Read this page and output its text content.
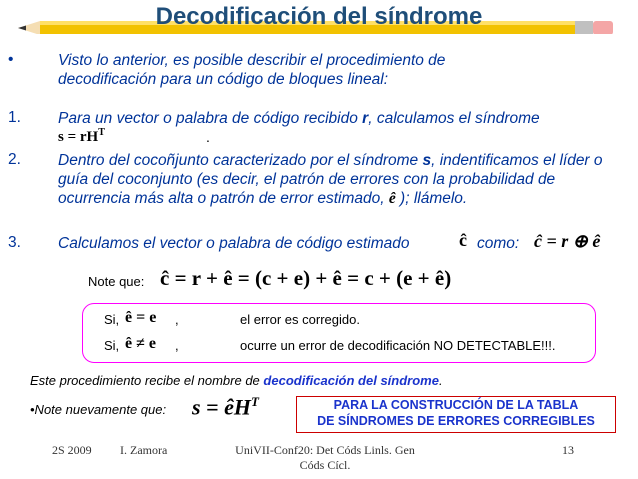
Decodificación del síndrome
•	Visto lo anterior, es posible describir el procedimiento de decodificación para un código de bloques lineal:
1. Para un vector o palabra de código recibido r, calculamos el síndrome
$s = rH^T$	.
2. Dentro del cocoñjunto caracterizado por el síndrome s, indentificamos el líder o guía del coconjunto (es decir, el patrón de errores con la probabilidad de ocurrencia más alta o patrón de error estimado, ê ); llámelo.
3. Calculamos el vector o palabra de código estimado	ĉ como: ĉ = r ⊕ ê
Note que: ĉ = r + ê = (c + e) + ê = c + (e + ê)
Si, ê = e ,	el error es corregido.
Si, ê ≠ e ,	ocurre un error de decodificación NO DETECTABLE!!!.
Este procedimiento recibe el nombre de decodificación del síndrome.
•Note nuevamente que: $s = êH^T$	PARA LA CONSTRUCCIÓN DE LA TABLA
DE SÍNDROMES DE ERRORES CORREGIBLES
2S 2009 I. Zamora	UniVII-Conf20: Det Códs Linls. Gen
Códs Cícl.
13
